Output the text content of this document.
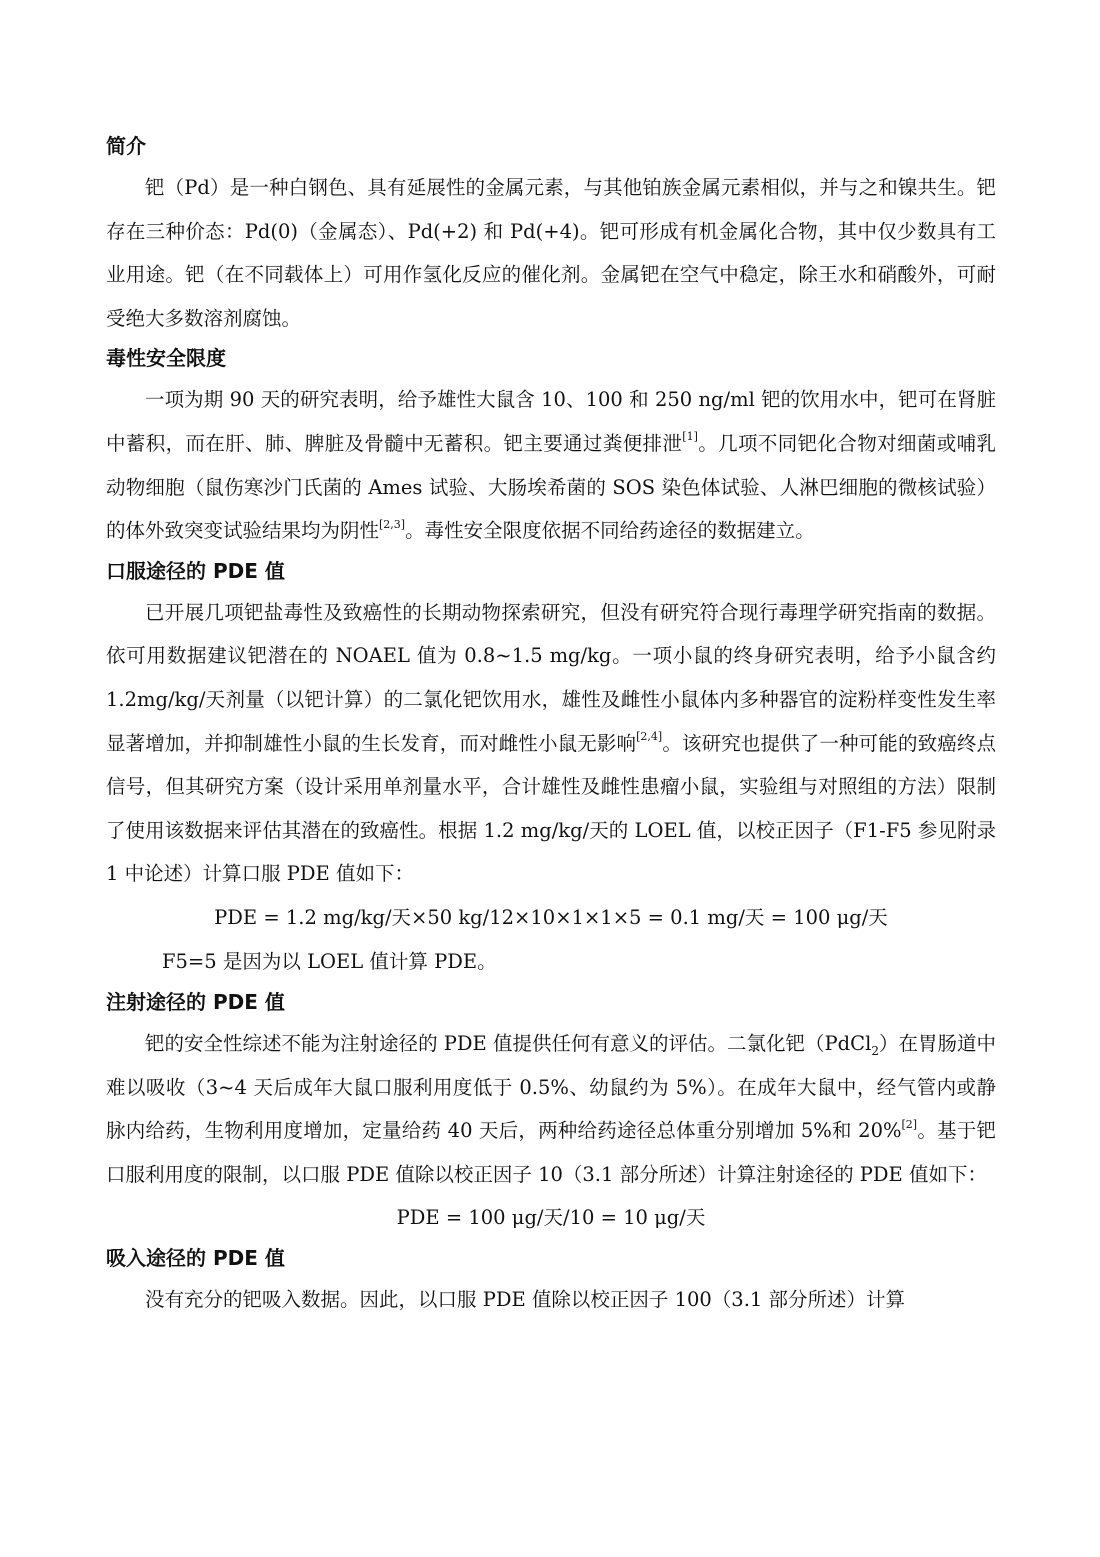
简介

钯（Pd）是一种白钢色、具有延展性的金属元素，与其他铂族金属元素相似，并与之和镍共生。钯存在三种价态：Pd(0)（金属态）、Pd(+2) 和 Pd(+4)。钯可形成有机金属化合物，其中仅少数具有工业用途。钯（在不同载体上）可用作氢化反应的催化剂。金属钯在空气中稳定，除王水和硝酸外，可耐受绝大多数溶剂腐蚀。

毒性安全限度

一项为期 90 天的研究表明，给予雄性大鼠含 10、100 和 250 ng/ml 钯的饮用水中，钯可在肾脏中蓄积，而在肝、肺、脾脏及骨髓中无蓄积。钯主要通过粪便排泄[1]。几项不同钯化合物对细菌或哺乳动物细胞（鼠伤寒沙门氏菌的 Ames 试验、大肠埃希菌的 SOS 染色体试验、人淋巴细胞的微核试验）的体外致突变试验结果均为阴性[2,3]。毒性安全限度依据不同给药途径的数据建立。

口服途径的 PDE 值

已开展几项钯盐毒性及致癌性的长期动物探索研究，但没有研究符合现行毒理学研究指南的数据。依可用数据建议钯潜在的 NOAEL 值为 0.8~1.5 mg/kg。一项小鼠的终身研究表明，给予小鼠含约 1.2mg/kg/天剂量（以钯计算）的二氯化钯饮用水，雄性及雌性小鼠体内多种器官的淀粉样变性发生率显著增加，并抑制雄性小鼠的生长发育，而对雌性小鼠无影响[2,4]。该研究也提供了一种可能的致癌终点信号，但其研究方案（设计采用单剂量水平，合计雄性及雌性患瘤小鼠，实验组与对照组的方法）限制了使用该数据来评估其潜在的致癌性。根据 1.2 mg/kg/天的 LOEL 值，以校正因子（F1-F5 参见附录 1 中论述）计算口服 PDE 值如下：

PDE = 1.2 mg/kg/天×50 kg/12×10×1×1×5 = 0.1 mg/天 = 100 μg/天

F5=5 是因为以 LOEL 值计算 PDE。

注射途径的 PDE 值

钯的安全性综述不能为注射途径的 PDE 值提供任何有意义的评估。二氯化钯（PdCl$_2$）在胃肠道中难以吸收（3~4 天后成年大鼠口服利用度低于 0.5%、幼鼠约为 5%）。在成年大鼠中，经气管内或静脉内给药，生物利用度增加，定量给药 40 天后，两种给药途径总体重分别增加 5%和 20%[2]。基于钯口服利用度的限制，以口服 PDE 值除以校正因子 10（3.1 部分所述）计算注射途径的 PDE 值如下：

PDE = 100 μg/天/10 = 10 μg/天

吸入途径的 PDE 值

没有充分的钯吸入数据。因此，以口服 PDE 值除以校正因子 100（3.1 部分所述）计算
